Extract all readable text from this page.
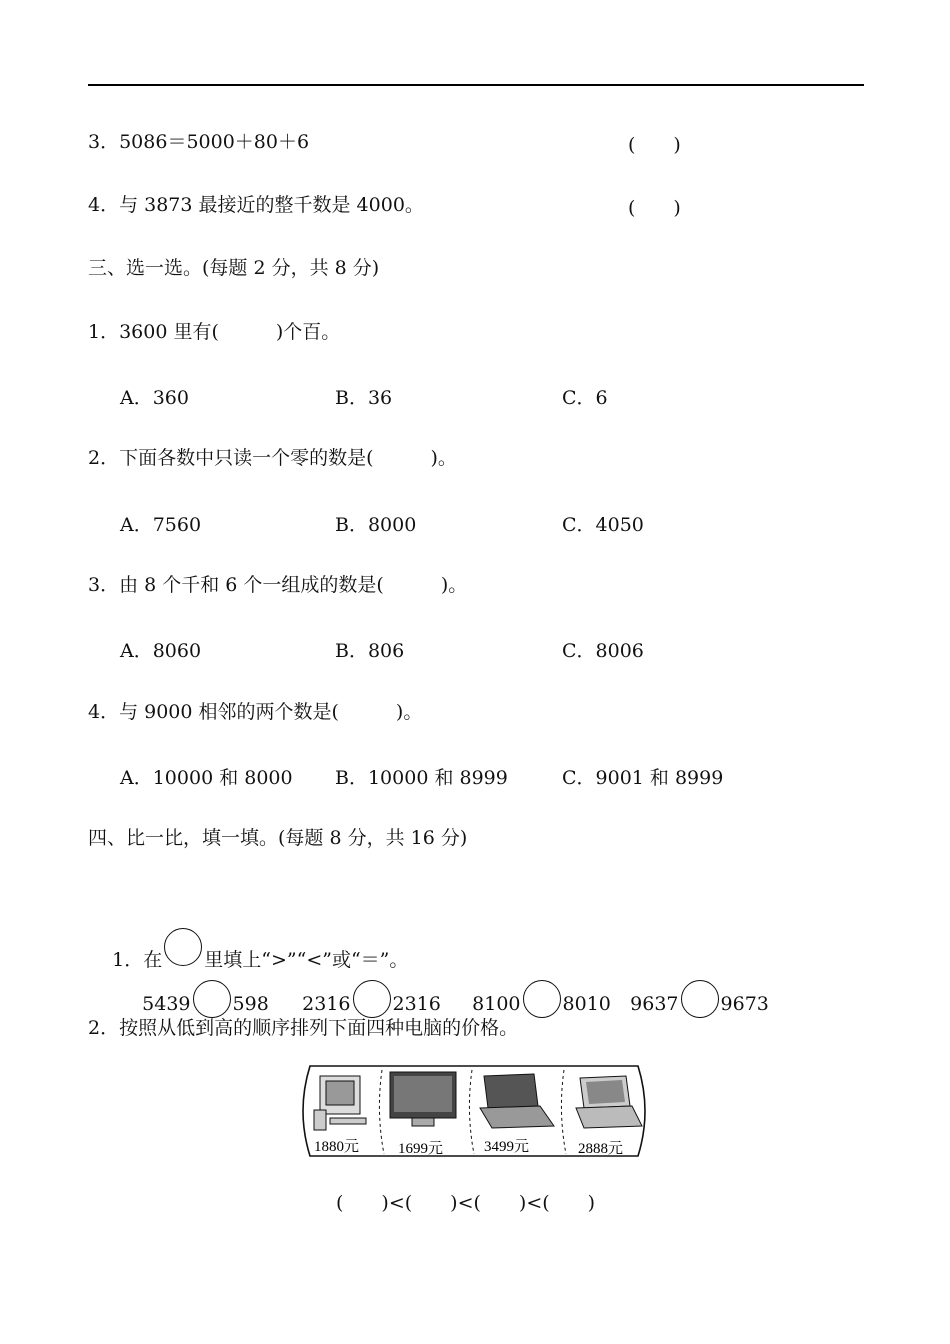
3．5086＝5000＋80＋6	(　　)
4．与 3873 最接近的整千数是 4000。	(　　)
三、选一选。(每题 2 分，共 8 分)
1．3600 里有(　　　)个百。
A．360	B．36	C．6
2．下面各数中只读一个零的数是(　　　)。
A．7560	B．8000	C．4050
3．由 8 个千和 6 个一组成的数是(　　　)。
A．8060	B．806	C．8006
4．与 9000 相邻的两个数是(　　　)。
A．10000 和 8000 B．10000 和 8999	C．9001 和 8999
四、比一比，填一填。(每题 8 分，共 16 分)

1．在 里填上“>”“<”或“＝”。

5439 598
	2316 2316
	8100 8010
	9637 9673

2．按照从低到高的顺序排列下面四种电脑的价格。
1880元	1699元	3499元	2888元
(　　)<(　　)<(　　)<(　　)
